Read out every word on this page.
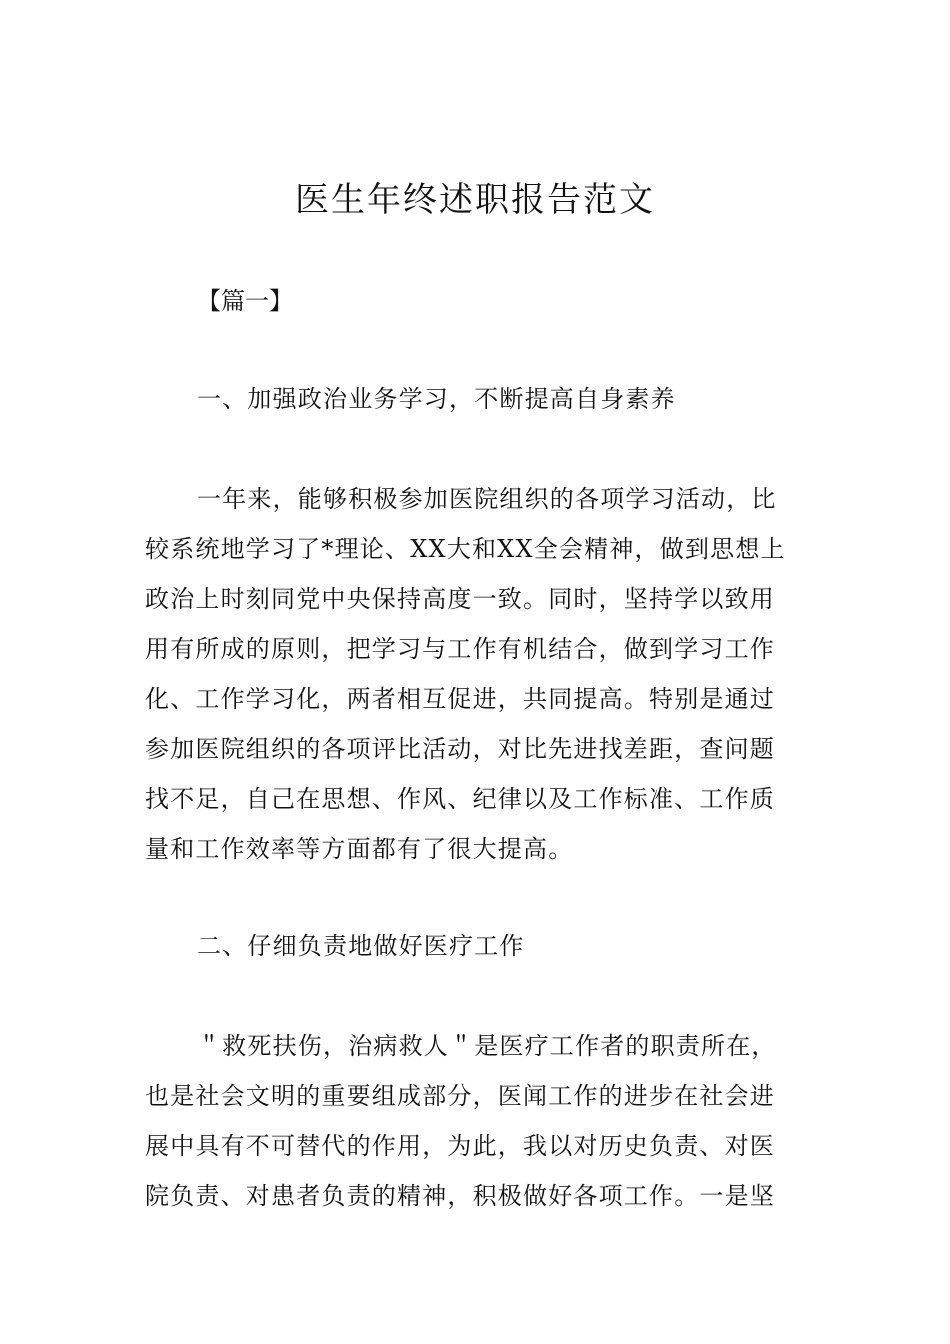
医生年终述职报告范文
【篇一】
一、加强政治业务学习，不断提高自身素养
一年来，能够积极参加医院组织的各项学习活动，比
较系统地学习了*理论、XX大和XX全会精神，做到思想上
政治上时刻同党中央保持高度一致。同时，坚持学以致用
用有所成的原则，把学习与工作有机结合，做到学习工作
化、工作学习化，两者相互促进，共同提高。特别是通过
参加医院组织的各项评比活动，对比先进找差距，查问题
找不足，自己在思想、作风、纪律以及工作标准、工作质
量和工作效率等方面都有了很大提高。
二、仔细负责地做好医疗工作
＂救死扶伤，治病救人＂是医疗工作者的职责所在，
也是社会文明的重要组成部分，医闻工作的进步在社会进
展中具有不可替代的作用，为此，我以对历史负责、对医
院负责、对患者负责的精神，积极做好各项工作。一是坚
